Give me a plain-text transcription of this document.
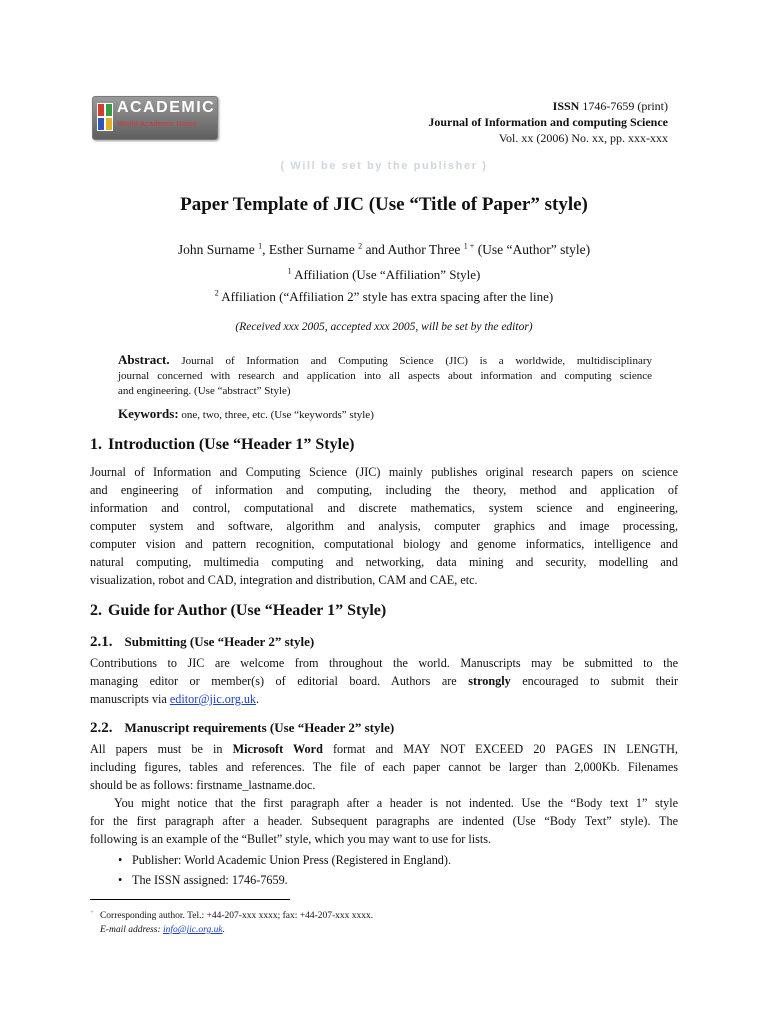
ACADEMIC
World Academic Union
ISSN 1746-7659 (print)
Journal of Information and computing Science
Vol. xx (2006) No. xx, pp. xxx-xxx
( Will be set by the publisher )
Paper Template of JIC (Use “Title of Paper” style)
John Surname $^1$, Esther Surname $^2$ and Author Three $^{1 +}$ (Use “Author” style)
$^1$ Affiliation (Use “Affiliation” Style)
$^2$ Affiliation (“Affiliation 2” style has extra spacing after the line)
(Received xxx 2005, accepted xxx 2005, will be set by the editor)
Abstract. Journal of Information and Computing Science (JIC) is a worldwide, multidisciplinary
journal concerned with research and application into all aspects about information and computing science
and engineering. (Use “abstract” Style)
Keywords: one, two, three, etc. (Use “keywords” style)
1. Introduction (Use “Header 1” Style)
Journal of Information and Computing Science (JIC) mainly publishes original research papers on science
and engineering of information and computing, including the theory, method and application of
information and control, computational and discrete mathematics, system science and engineering,
computer system and software, algorithm and analysis, computer graphics and image processing,
computer vision and pattern recognition, computational biology and genome informatics, intelligence and
natural computing, multimedia computing and networking, data mining and security, modelling and
visualization, robot and CAD, integration and distribution, CAM and CAE, etc.
2. Guide for Author (Use “Header 1” Style)
2.1. Submitting (Use “Header 2” style)
Contributions to JIC are welcome from throughout the world. Manuscripts may be submitted to the
managing editor or member(s) of editorial board. Authors are strongly encouraged to submit their
manuscripts via editor@jic.org.uk.
2.2. Manuscript requirements (Use “Header 2” style)
All papers must be in Microsoft Word format and MAY NOT EXCEED 20 PAGES IN LENGTH,
including figures, tables and references. The file of each paper cannot be larger than 2,000Kb. Filenames
should be as follows: firstname_lastname.doc.
You might notice that the first paragraph after a header is not indented. Use the “Body text 1” style
for the first paragraph after a header. Subsequent paragraphs are indented (Use “Body Text” style). The
following is an example of the “Bullet” style, which you may want to use for lists.
• Publisher: World Academic Union Press (Registered in England).
• The ISSN assigned: 1746-7659.
+ Corresponding author. Tel.: +44-207-xxx xxxx; fax: +44-207-xxx xxxx.
E-mail address: info@jic.org.uk.
